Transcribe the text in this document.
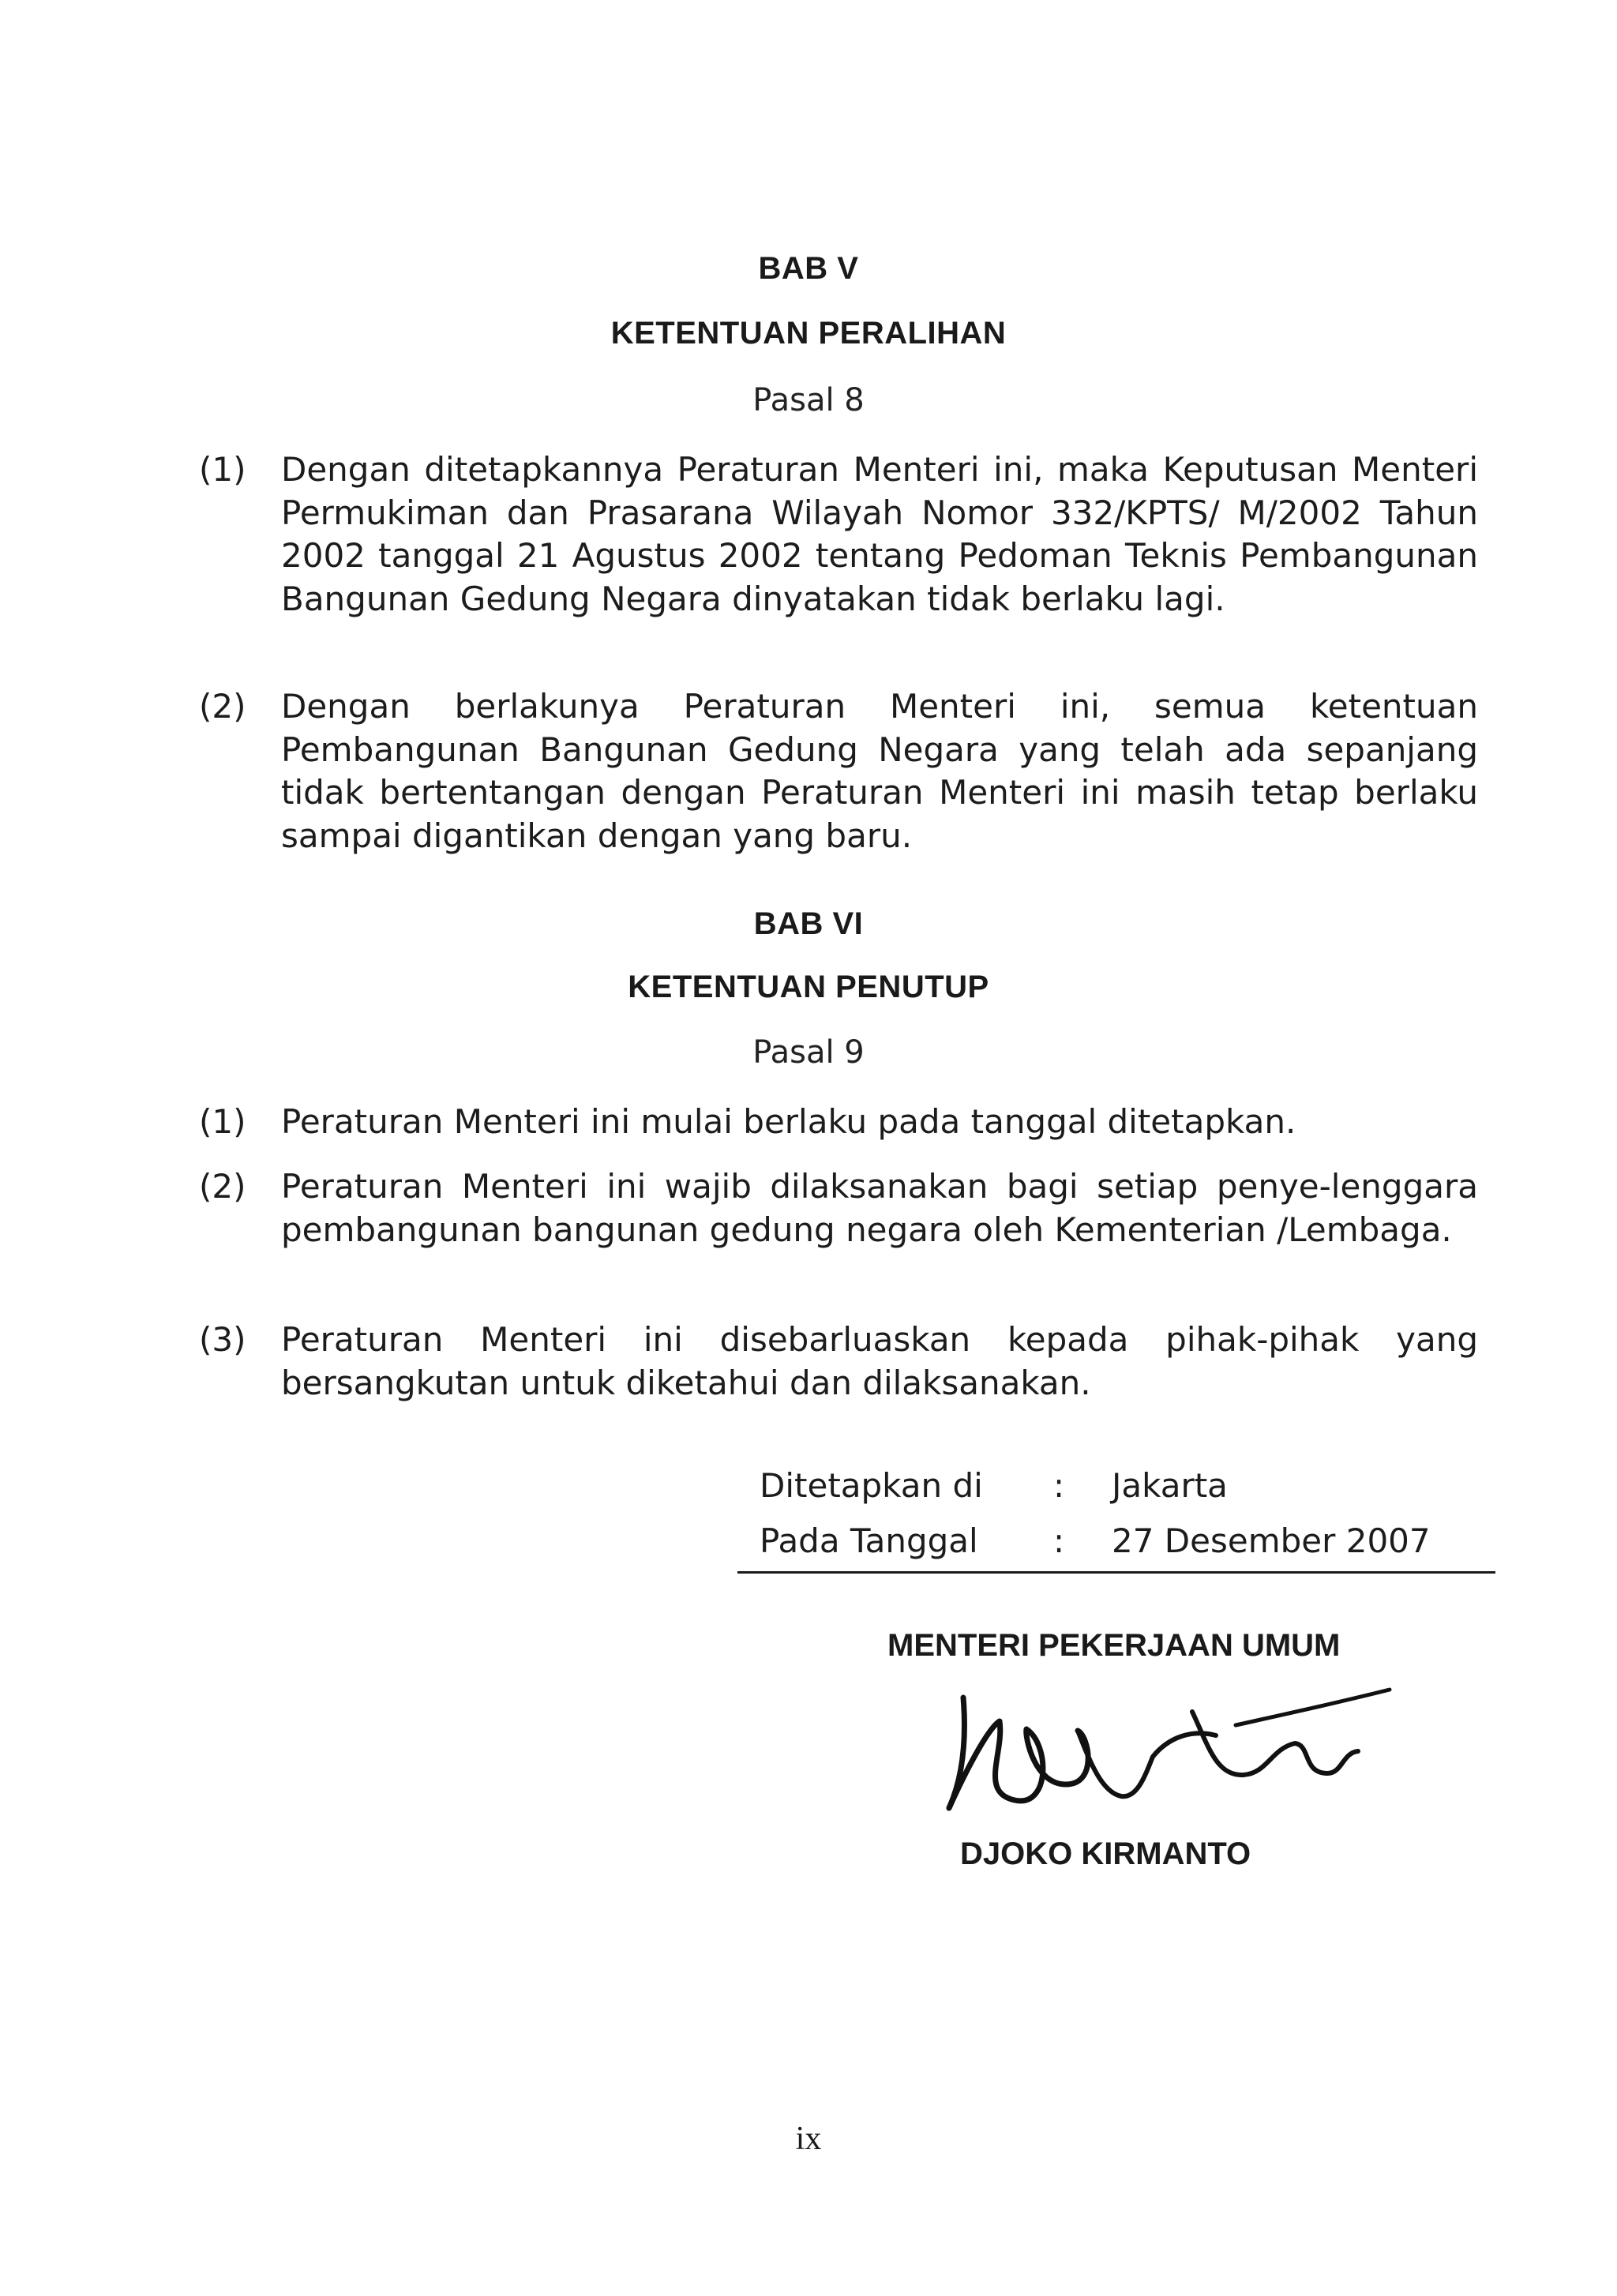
BAB V
KETENTUAN PERALIHAN
Pasal 8
(1)	Dengan ditetapkannya Peraturan Menteri ini, maka Keputusan Menteri Permukiman dan Prasarana Wilayah Nomor 332/KPTS/ M/2002 Tahun 2002 tanggal 21 Agustus 2002 tentang Pedoman Teknis Pembangunan Bangunan Gedung Negara dinyatakan tidak berlaku lagi.
(2)	Dengan berlakunya Peraturan Menteri ini, semua ketentuan Pembangunan Bangunan Gedung Negara yang telah ada sepanjang tidak bertentangan dengan Peraturan Menteri ini masih tetap berlaku sampai digantikan dengan yang baru.
BAB VI
KETENTUAN PENUTUP
Pasal 9
(1)	Peraturan Menteri ini mulai berlaku pada tanggal ditetapkan.
(2)	Peraturan Menteri ini wajib dilaksanakan bagi setiap penye-lenggara pembangunan bangunan gedung negara oleh Kementerian /Lembaga.
(3)	Peraturan Menteri ini disebarluaskan kepada pihak-pihak yang bersangkutan untuk diketahui dan dilaksanakan.
Ditetapkan di : Jakarta
Pada Tanggal : 27 Desember 2007
MENTERI PEKERJAAN UMUM
DJOKO KIRMANTO
ix
